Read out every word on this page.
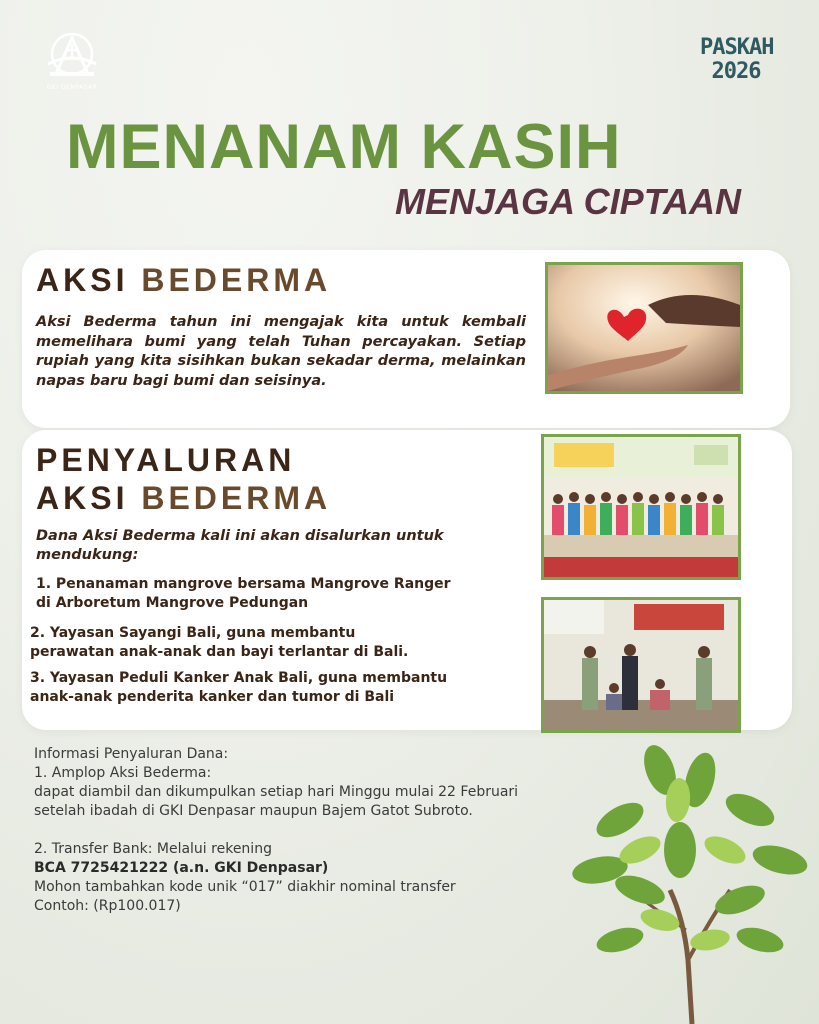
GKI DENPASAR
PASKAH
2026
MENANAM KASIH
MENJAGA CIPTAAN
AKSI BEDERMA
Aksi Bederma tahun ini mengajak kita untuk kembali memelihara bumi yang telah Tuhan percayakan. Setiap rupiah yang kita sisihkan bukan sekadar derma, melainkan napas baru bagi bumi dan seisinya.
PENYALURAN
AKSI BEDERMA
Dana Aksi Bederma kali ini akan disalurkan untuk mendukung:
1. Penanaman mangrove bersama Mangrove Ranger
di Arboretum Mangrove Pedungan
2. Yayasan Sayangi Bali, guna membantu
perawatan anak-anak dan bayi terlantar di Bali.
3. Yayasan Peduli Kanker Anak Bali, guna membantu
anak-anak penderita kanker dan tumor di Bali
Informasi Penyaluran Dana:
1. Amplop Aksi Bederma:
dapat diambil dan dikumpulkan setiap hari Minggu mulai 22 Februari
setelah ibadah di GKI Denpasar maupun Bajem Gatot Subroto.
2. Transfer Bank: Melalui rekening
BCA 7725421222 (a.n. GKI Denpasar)
Mohon tambahkan kode unik “017” diakhir nominal transfer
Contoh: (Rp100.017)
